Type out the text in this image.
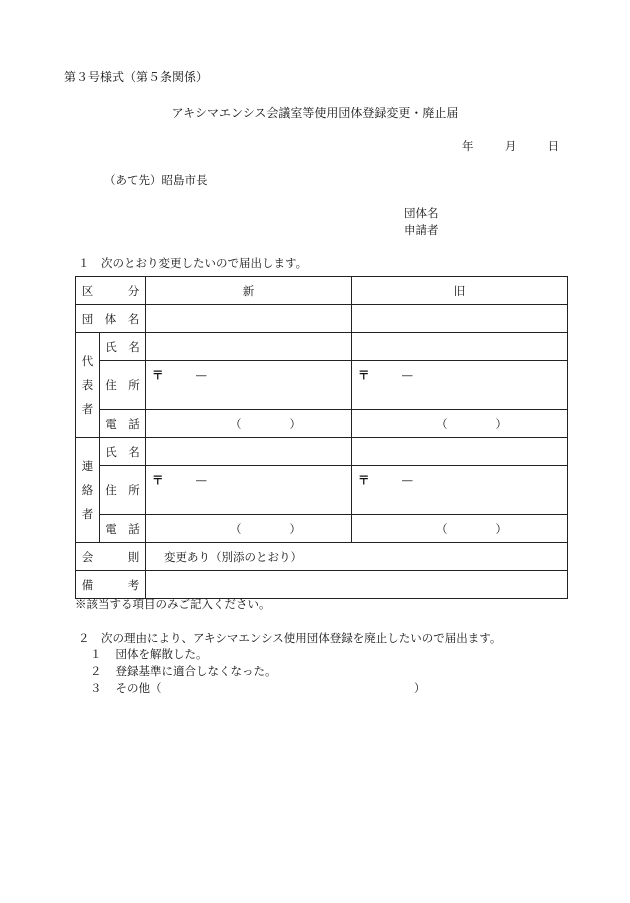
第３号様式（第５条関係）
アキシマエンシス会議室等使用団体登録変更・廃止届
年	月	日
（あて先）昭島市長
団体名
申請者
１　次のとおり変更したいので届出します。
区　　　分		新	旧
団　体　名			
代
表
者	氏　名		
	住　所	〒 —	〒 —
	電　話	（ ）	（ ）
連
絡
者	氏　名		
	住　所	〒 —	〒 —
	電　話	（ ）	（ ）
会　　　則		変更あり（別添のとおり）	
備　　　考			
※該当する項目のみご記入ください。
２　次の理由により、アキシマエンシス使用団体登録を廃止したいので届出ます。
１ 団体を解散した。
２ 登録基準に適合しなくなった。
３ その他（	）
